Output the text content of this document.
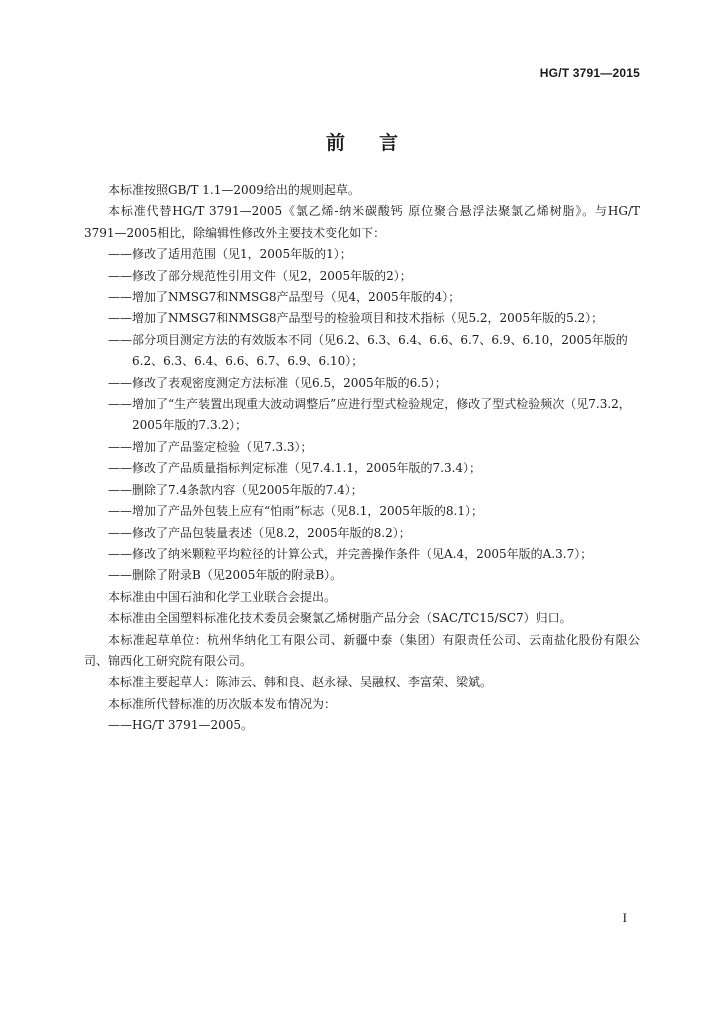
HG/T 3791—2015
前言

本标准按照GB/T 1.1—2009给出的规则起草。

本标准代替HG/T 3791—2005《氯乙烯-纳米碳酸钙 原位聚合悬浮法聚氯乙烯树脂》。与HG/T 3791—2005相比，除编辑性修改外主要技术变化如下：

——修改了适用范围（见1，2005年版的1）；

——修改了部分规范性引用文件（见2，2005年版的2）；

——增加了NMSG7和NMSG8产品型号（见4，2005年版的4）；

——增加了NMSG7和NMSG8产品型号的检验项目和技术指标（见5.2，2005年版的5.2）；

——部分项目测定方法的有效版本不同（见6.2、6.3、6.4、6.6、6.7、6.9、6.10，2005年版的6.2、6.3、6.4、6.6、6.7、6.9、6.10）；

——修改了表观密度测定方法标准（见6.5，2005年版的6.5）；

——增加了“生产装置出现重大波动调整后”应进行型式检验规定，修改了型式检验频次（见7.3.2，2005年版的7.3.2）；

——增加了产品鉴定检验（见7.3.3）；

——修改了产品质量指标判定标准（见7.4.1.1，2005年版的7.3.4）；

——删除了7.4条款内容（见2005年版的7.4）；

——增加了产品外包装上应有“怕雨”标志（见8.1，2005年版的8.1）；

——修改了产品包装量表述（见8.2，2005年版的8.2）；

——修改了纳米颗粒平均粒径的计算公式，并完善操作条件（见A.4，2005年版的A.3.7）；

——删除了附录B（见2005年版的附录B）。

本标准由中国石油和化学工业联合会提出。

本标准由全国塑料标准化技术委员会聚氯乙烯树脂产品分会（SAC/TC15/SC7）归口。

本标准起草单位：杭州华纳化工有限公司、新疆中泰（集团）有限责任公司、云南盐化股份有限公司、锦西化工研究院有限公司。

本标准主要起草人：陈沛云、韩和良、赵永禄、吴融权、李富荣、梁斌。

本标准所代替标准的历次版本发布情况为：

——HG/T 3791—2005。

I
